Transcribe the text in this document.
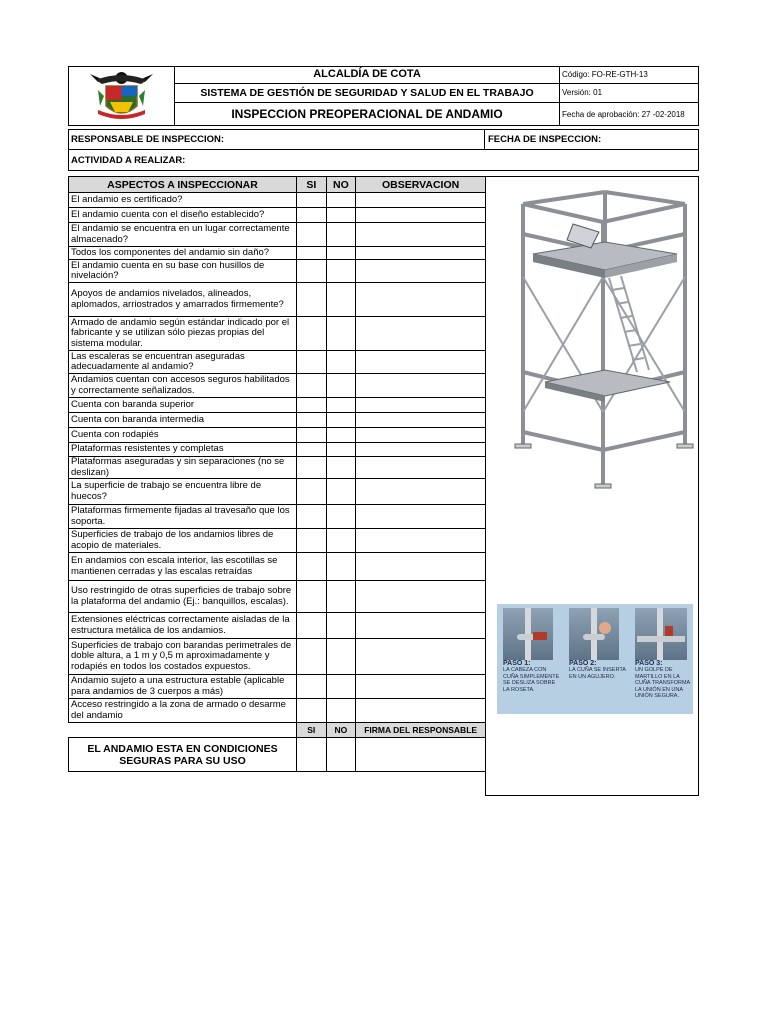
ALCALDÍA DE COTA
SISTEMA DE GESTIÓN DE SEGURIDAD Y SALUD EN EL TRABAJO
INSPECCION PREOPERACIONAL DE ANDAMIO
Código: FO-RE-GTH-13
Versión: 01
Fecha de aprobación: 27 -02-2018
RESPONSABLE DE INSPECCION:	FECHA DE INSPECCION:
ACTIVIDAD A REALIZAR:
PASO 1:
LA CABEZA CON CUÑA SIMPLEMENTE SE DESLIZA SOBRE LA ROSETA.
PASO 2:
LA CUÑA SE INSERTA EN UN AGUJERO.
PASO 3:
UN GOLPE DE MARTILLO EN LA CUÑA TRANSFORMA LA UNIÓN EN UNA UNIÓN SEGURA.
ASPECTOS A INSPECCIONAR	SI	NO	OBSERVACION
El andamio es certificado?			
El andamio cuenta con el diseño establecido?			
El andamio se encuentra en un lugar correctamente almacenado?			
Todos los componentes del andamio sin daño?			
El andamio cuenta en su base con husillos de nivelación?			
Apoyos de andamios nivelados, alineados, aplomados, arriostrados y amarrados firmemente?			
Armado de andamio según estándar indicado por el fabricante y se utilizan sólo piezas propias del sistema modular.			
Las escaleras se encuentran aseguradas adecuadamente al andamio?			
Andamios cuentan con accesos seguros habilitados y correctamente señalizados.			
Cuenta con baranda superior			
Cuenta con baranda intermedia			
Cuenta con rodapiés			
Plataformas resistentes y completas			
Plataformas aseguradas y sin separaciones (no se deslizan)			
La superficie de trabajo se encuentra libre de huecos?			
Plataformas firmemente fijadas al travesaño que los soporta.			
Superficies de trabajo de los andamios libres de acopio de materiales.			
En andamios con escala interior, las escotillas se mantienen cerradas y las escalas retraídas			
Uso restringido de otras superficies de trabajo sobre la plataforma del andamio (Ej.: banquillos, escalas).			
Extensiones eléctricas correctamente aisladas de la estructura metálica de los andamios.			
Superficies de trabajo con barandas perimetrales de doble altura, a 1 m y 0,5 m aproximadamente y rodapiés en todos los costados expuestos.			
Andamio sujeto a una estructura estable (aplicable para andamios de 3 cuerpos a más)			
Acceso restringido a la zona de armado o desarme del andamio			
	SI	NO	FIRMA DEL RESPONSABLE
EL ANDAMIO ESTA EN CONDICIONES SEGURAS PARA SU USO			
